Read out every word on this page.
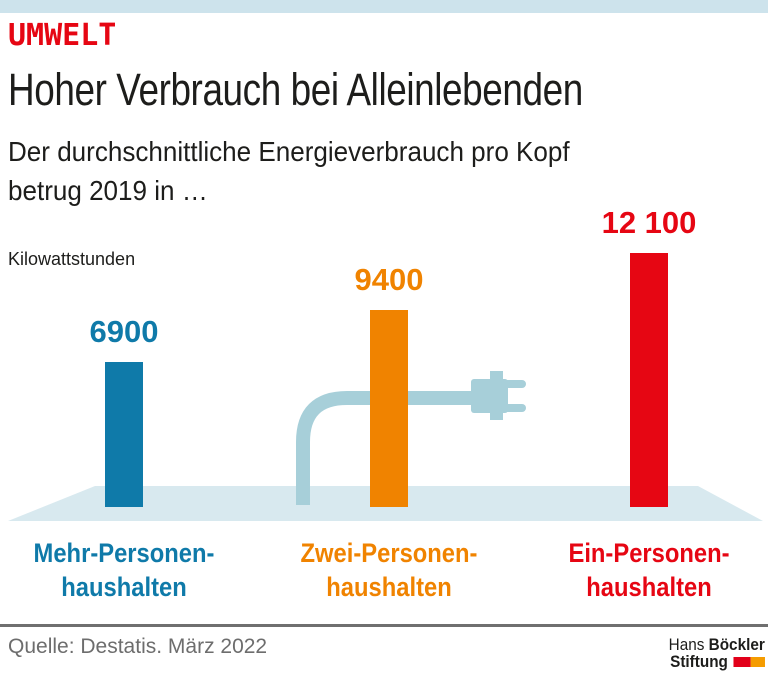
UMWELT
Hoher Verbrauch bei Alleinlebenden
Der durchschnittliche Energieverbrauch pro Kopf
betrug 2019 in …
Kilowattstunden
6900
Mehr-Personen-
haushalten
9400
Zwei-Personen-
haushalten
12 100
Ein-Personen-
haushalten
Quelle: Destatis. März 2022	Hans Böckler
Stiftung
